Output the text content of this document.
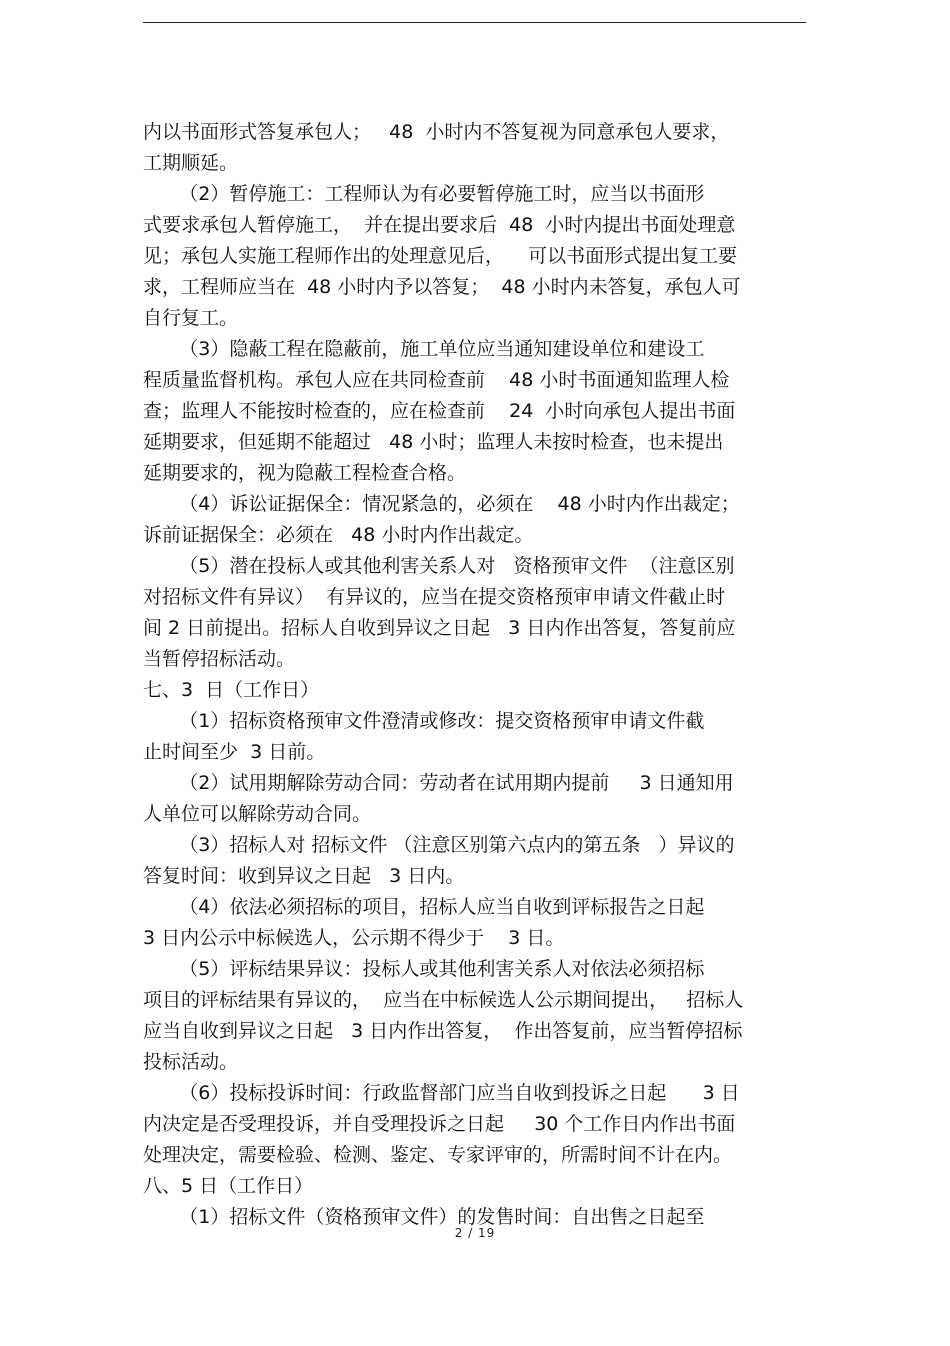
内以书面形式答复承包人；   48  小时内不答复视为同意承包人要求，
工期顺延。
（2）暂停施工：工程师认为有必要暂停施工时，应当以书面形
式要求承包人暂停施工，  并在提出要求后  48  小时内提出书面处理意
见；承包人实施工程师作出的处理意见后，    可以书面形式提出复工要
求，工程师应当在  48 小时内予以答复；  48 小时内未答复，承包人可
自行复工。
（3）隐蔽工程在隐蔽前，施工单位应当通知建设单位和建设工
程质量监督机构。承包人应在共同检查前    48 小时书面通知监理人检
查；监理人不能按时检查的，应在检查前    24  小时向承包人提出书面
延期要求，但延期不能超过   48 小时；监理人未按时检查，也未提出
延期要求的，视为隐蔽工程检查合格。
（4）诉讼证据保全：情况紧急的，必须在    48 小时内作出裁定；
诉前证据保全：必须在   48 小时内作出裁定。
（5）潜在投标人或其他利害关系人对   资格预审文件  （注意区别
对招标文件有异议）  有异议的，应当在提交资格预审申请文件截止时
间 2 日前提出。招标人自收到异议之日起   3 日内作出答复，答复前应
当暂停招标活动。
七、3  日（工作日）
（1）招标资格预审文件澄清或修改：提交资格预审申请文件截
止时间至少  3 日前。
（2）试用期解除劳动合同：劳动者在试用期内提前     3 日通知用
人单位可以解除劳动合同。
（3）招标人对 招标文件 （注意区别第六点内的第五条   ）异议的
答复时间：收到异议之日起   3 日内。
（4）依法必须招标的项目，招标人应当自收到评标报告之日起
3 日内公示中标候选人，公示期不得少于    3 日。
（5）评标结果异议：投标人或其他利害关系人对依法必须招标
项目的评标结果有异议的，  应当在中标候选人公示期间提出，   招标人
应当自收到异议之日起   3 日内作出答复，  作出答复前，应当暂停招标
投标活动。
（6）投标投诉时间：行政监督部门应当自收到投诉之日起      3 日
内决定是否受理投诉，并自受理投诉之日起     30 个工作日内作出书面
处理决定，需要检验、检测、鉴定、专家评审的，所需时间不计在内。
八、5 日（工作日）
（1）招标文件（资格预审文件）的发售时间：自出售之日起至
2 / 19
